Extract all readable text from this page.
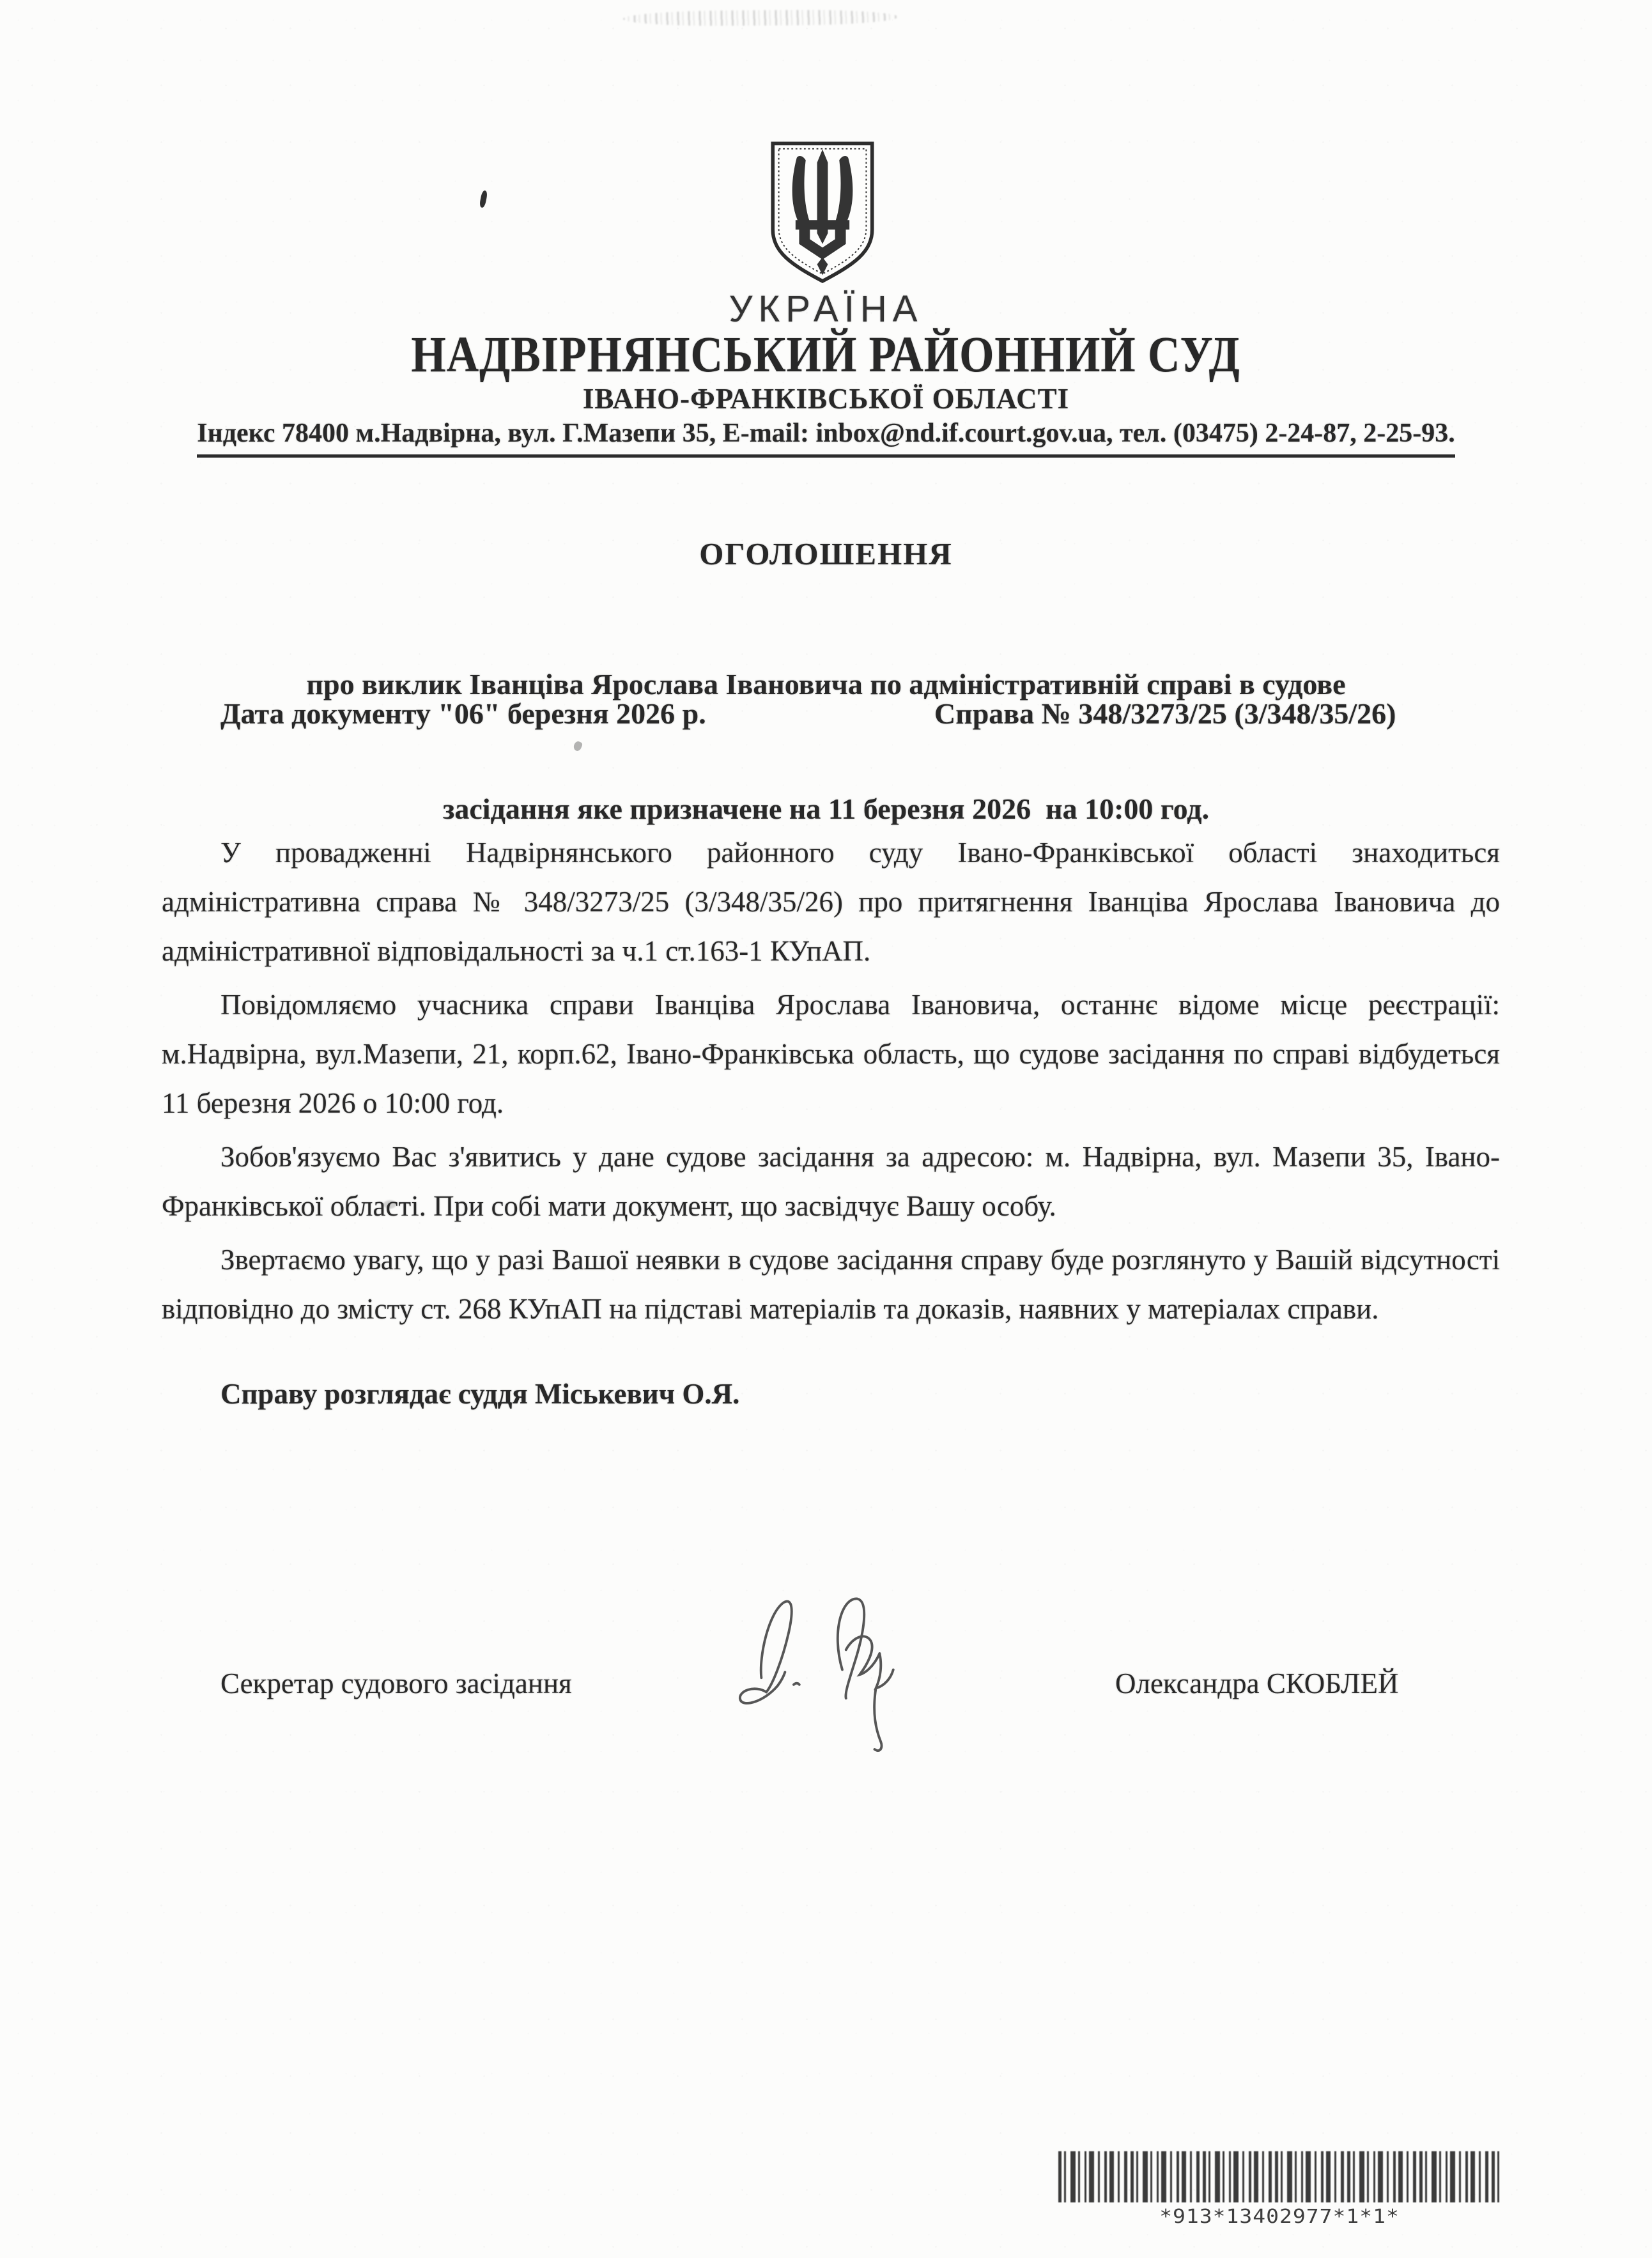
УКРАЇНА
НАДВІРНЯНСЬКИЙ РАЙОННИЙ СУД
ІВАНО-ФРАНКІВСЬКОЇ ОБЛАСТІ
Індекс 78400 м.Надвірна, вул. Г.Мазепи 35, E-mail: inbox@nd.if.court.gov.ua, тел. (03475) 2-24-87, 2-25-93.
ОГОЛОШЕННЯ

про виклик Іванціва Ярослава Івановича по адміністративній справі в судове

засідання яке призначене на 11 березня 2026  на 10:00 год.

Дата документу "06" березня 2026 р.	Справа № 348/3273/25 (3/348/35/26)

У провадженні Надвірнянського районного суду Івано-Франківської області знаходиться адміністративна справа № 348/3273/25 (3/348/35/26) про притягнення Іванціва Ярослава Івановича до адміністративної відповідальності за ч.1 ст.163-1 КУпАП.

Повідомляємо учасника справи Іванціва Ярослава Івановича, останнє відоме місце реєстрації: м.Надвірна, вул.Мазепи, 21, корп.62, Івано-Франківська область, що судове засідання по справі відбудеться 11 березня 2026 о 10:00 год.

Зобов'язуємо Вас з'явитись у дане судове засідання за адресою: м. Надвірна, вул. Мазепи 35, Івано-Франківської області. При собі мати документ, що засвідчує Вашу особу.

Звертаємо увагу, що у разі Вашої неявки в судове засідання справу буде розглянуто у Вашій відсутності відповідно до змісту ст. 268 КУпАП на підставі матеріалів та доказів, наявних у матеріалах справи.

Справу розглядає суддя Міськевич О.Я.

Секретар судового засідання	Олександра СКОБЛЕЙ
*913*13402977*1*1*
